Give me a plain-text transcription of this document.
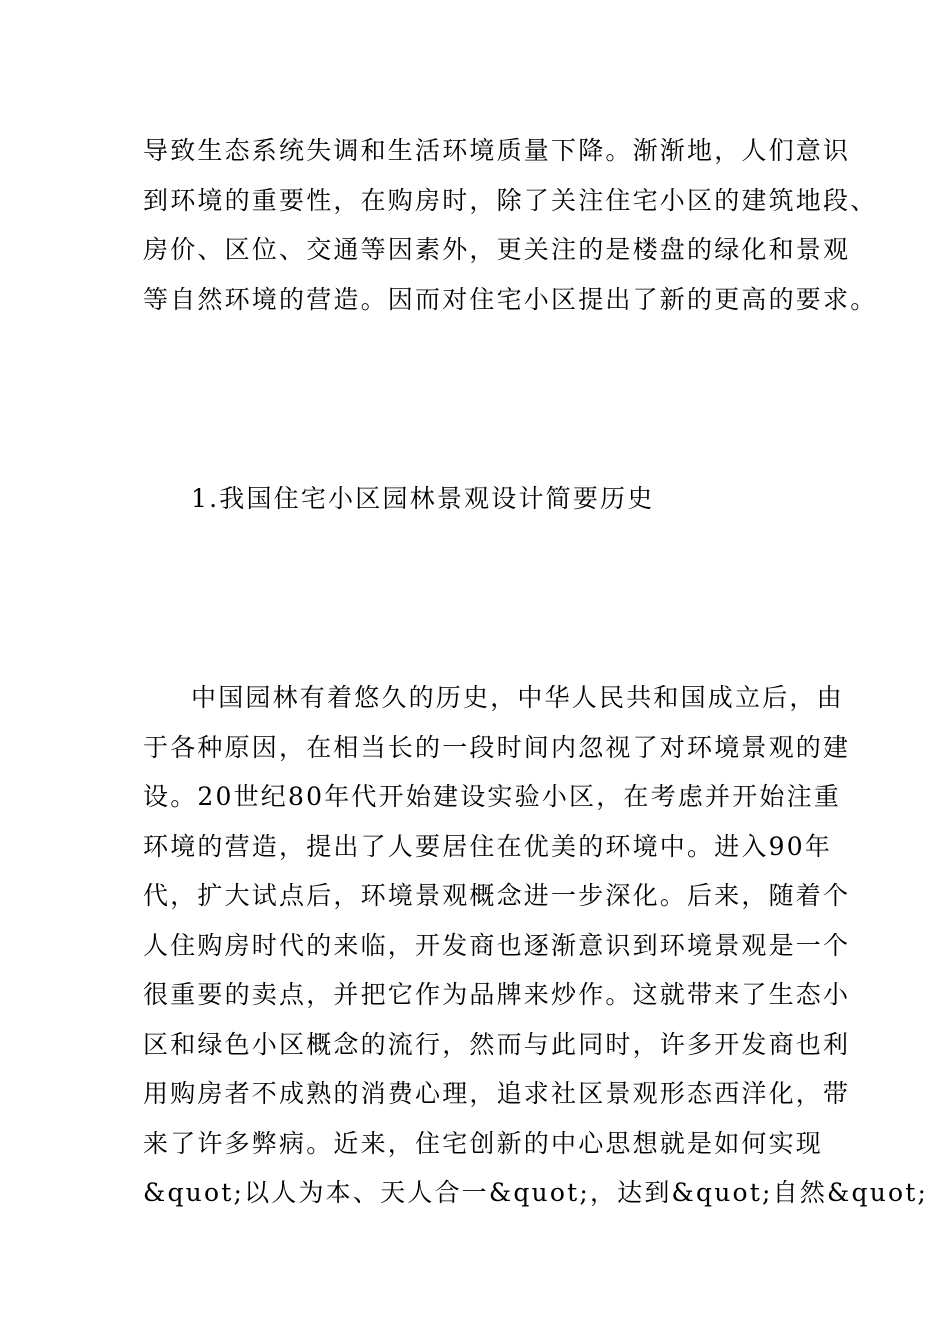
导致生态系统失调和生活环境质量下降。渐渐地，人们意识
到环境的重要性，在购房时，除了关注住宅小区的建筑地段、
房价、区位、交通等因素外，更关注的是楼盘的绿化和景观
等自然环境的营造。因而对住宅小区提出了新的更高的要求。

1.我国住宅小区园林景观设计简要历史

中国园林有着悠久的历史，中华人民共和国成立后，由
于各种原因，在相当长的一段时间内忽视了对环境景观的建
设。20世纪80年代开始建设实验小区，在考虑并开始注重
环境的营造，提出了人要居住在优美的环境中。进入90年
代，扩大试点后，环境景观概念进一步深化。后来，随着个
人住购房时代的来临，开发商也逐渐意识到环境景观是一个
很重要的卖点，并把它作为品牌来炒作。这就带来了生态小
区和绿色小区概念的流行，然而与此同时，许多开发商也利
用购房者不成熟的消费心理，追求社区景观形态西洋化，带
来了许多弊病。近来，住宅创新的中心思想就是如何实现
&quot;以人为本、天人合一&quot;，达到&quot;自然&quot;
